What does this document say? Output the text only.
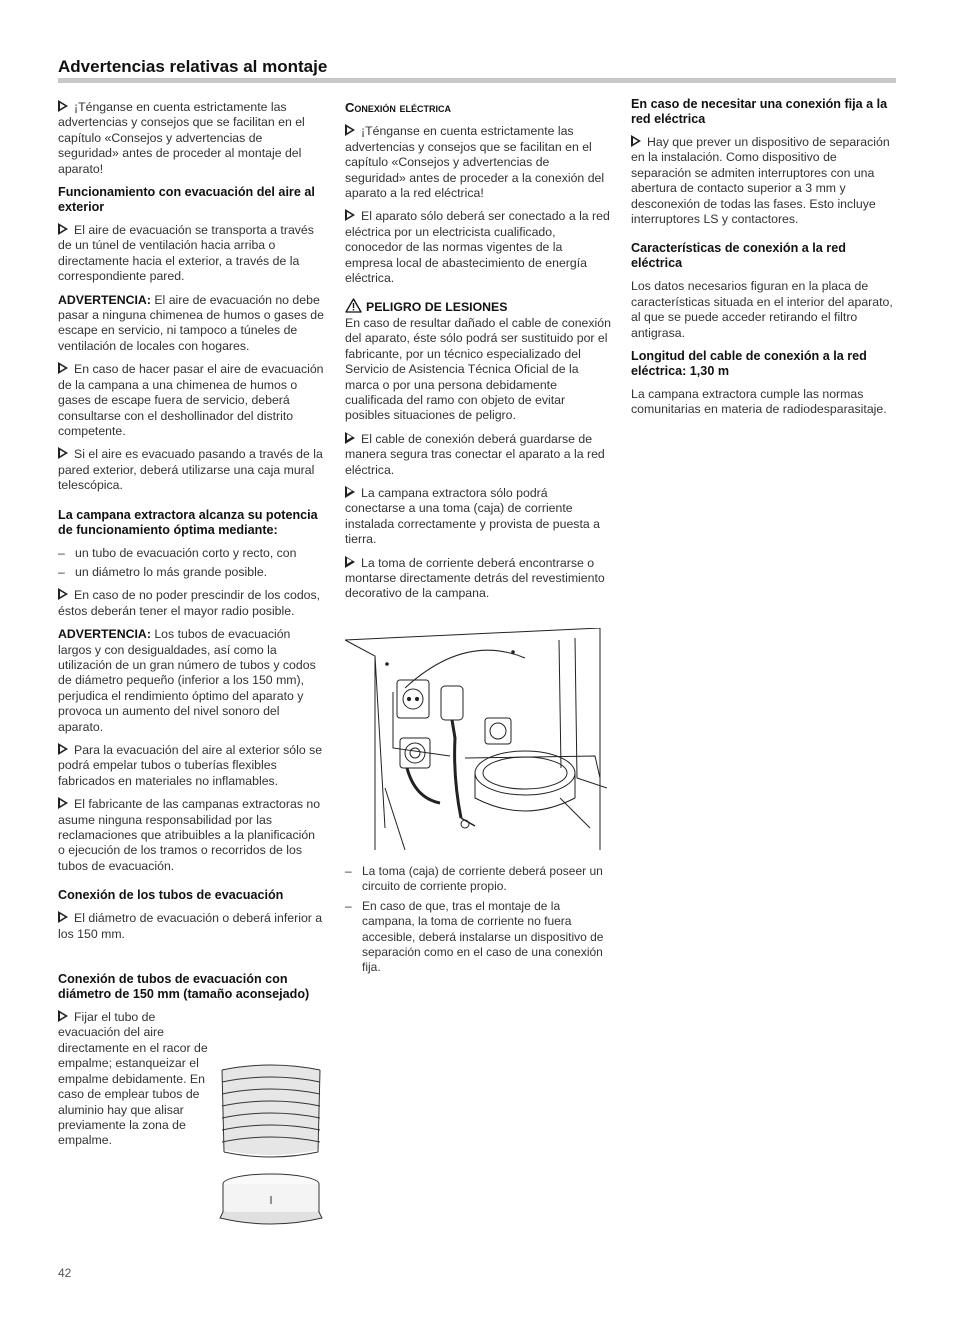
Advertencias relativas al montaje

¡Ténganse en cuenta estrictamente las advertencias y consejos que se facilitan en el capítulo «Consejos y advertencias de seguridad» antes de proceder al montaje del aparato!

Funcionamiento con evacuación del aire al exterior

El aire de evacuación se transporta a través de un túnel de ventilación hacia arriba o directamente hacia el exterior, a través de la correspondiente pared.

ADVERTENCIA: El aire de evacuación no debe pasar a ninguna chimenea de humos o gases de escape en servicio, ni tampoco a túneles de ventilación de locales con hogares.

En caso de hacer pasar el aire de evacuación de la campana a una chimenea de humos o gases de escape fuera de servicio, deberá consultarse con el deshollinador del distrito competente.

Si el aire es evacuado pasando a través de la pared exterior, deberá utilizarse una caja mural telescópica.

La campana extractora alcanza su potencia de funcionamiento óptima mediante:
– un tubo de evacuación corto y recto, con
– un diámetro lo más grande posible.

En caso de no poder prescindir de los codos, éstos deberán tener el mayor radio posible.

ADVERTENCIA: Los tubos de evacuación largos y con desigualdades, así como la utilización de un gran número de tubos y codos de diámetro pequeño (inferior a los 150 mm), perjudica el rendimiento óptimo del aparato y provoca un aumento del nivel sonoro del aparato.

Para la evacuación del aire al exterior sólo se podrá empelar tubos o tuberías flexibles fabricados en materiales no inflamables.

El fabricante de las campanas extractoras no asume ninguna responsabilidad por las reclamaciones que atribuibles a la planificación o ejecución de los tramos o recorridos de los tubos de evacuación.

Conexión de los tubos de evacuación

El diámetro de evacuación o deberá inferior a los 150 mm.

Conexión de tubos de evacuación con diámetro de 150 mm (tamaño aconsejado)

Fijar el tubo de evacuación del aire directamente en el racor de empalme; estanqueizar el empalme debidamente. En caso de emplear tubos de aluminio hay que alisar previamente la zona de empalme.

Conexión eléctrica

¡Ténganse en cuenta estrictamente las advertencias y consejos que se facilitan en el capítulo «Consejos y advertencias de seguridad» antes de proceder a la conexión del aparato a la red eléctrica!

El aparato sólo deberá ser conectado a la red eléctrica por un electricista cualificado, conocedor de las normas vigentes de la empresa local de abastecimiento de energía eléctrica.

PELIGRO DE LESIONES

En caso de resultar dañado el cable de conexión del aparato, éste sólo podrá ser sustituido por el fabricante, por un técnico especializado del Servicio de Asistencia Técnica Oficial de la marca o por una persona debidamente cualificada del ramo con objeto de evitar posibles situaciones de peligro.

El cable de conexión deberá guardarse de manera segura tras conectar el aparato a la red eléctrica.

La campana extractora sólo podrá conectarse a una toma (caja) de corriente instalada correctamente y provista de puesta a tierra.

La toma de corriente deberá encontrarse o montarse directamente detrás del revestimiento decorativo de la campana.

– La toma (caja) de corriente deberá poseer un circuito de corriente propio.
– En caso de que, tras el montaje de la campana, la toma de corriente no fuera accesible, deberá instalarse un dispositivo de separación como en el caso de una conexión fija.
En caso de necesitar una conexión fija a la red eléctrica

Hay que prever un dispositivo de separación en la instalación. Como dispositivo de separación se admiten interruptores con una abertura de contacto superior a 3 mm y desconexión de todas las fases. Esto incluye interruptores LS y contactores.

Características de conexión a la red eléctrica

Los datos necesarios figuran en la placa de características situada en el interior del aparato, al que se puede acceder retirando el filtro antigrasa.

Longitud del cable de conexión a la red eléctrica: 1,30 m

La campana extractora cumple las normas comunitarias en materia de radiodesparasitaje.

42
